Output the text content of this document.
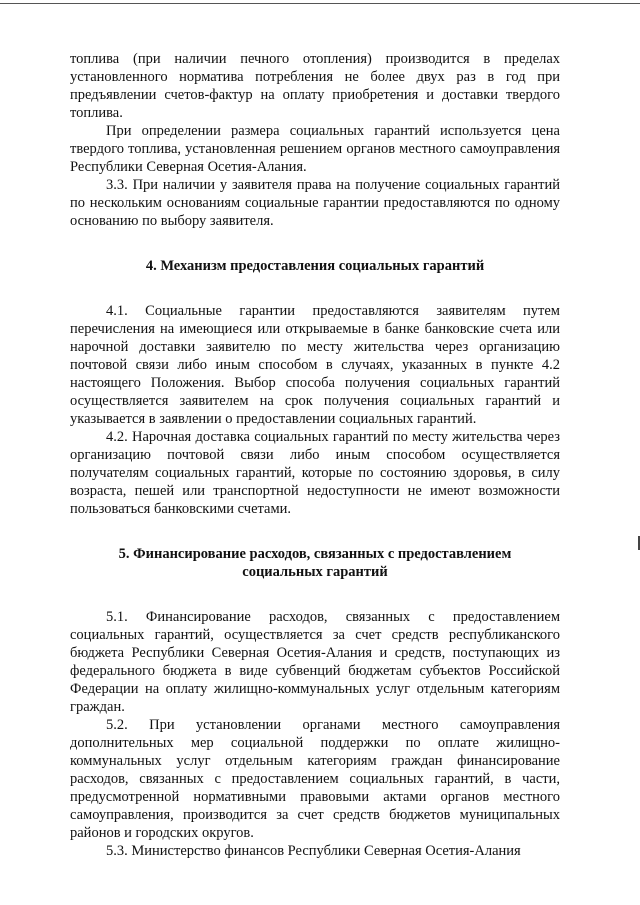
топлива (при наличии печного отопления) производится в пределах установленного норматива потребления не более двух раз в год при предъявлении счетов-фактур на оплату приобретения и доставки твердого топлива.

При определении размера социальных гарантий используется цена твердого топлива, установленная решением органов местного самоуправления Республики Северная Осетия-Алания.

3.3. При наличии у заявителя права на получение социальных гарантий по нескольким основаниям социальные гарантии предоставляются по одному основанию по выбору заявителя.

4. Механизм предоставления социальных гарантий

4.1. Социальные гарантии предоставляются заявителям путем перечисления на имеющиеся или открываемые в банке банковские счета или нарочной доставки заявителю по месту жительства через организацию почтовой связи либо иным способом в случаях, указанных в пункте 4.2 настоящего Положения. Выбор способа получения социальных гарантий осуществляется заявителем на срок получения социальных гарантий и указывается в заявлении о предоставлении социальных гарантий.

4.2. Нарочная доставка социальных гарантий по месту жительства через организацию почтовой связи либо иным способом осуществляется получателям социальных гарантий, которые по состоянию здоровья, в силу возраста, пешей или транспортной недоступности не имеют возможности пользоваться банковскими счетами.

5. Финансирование расходов, связанных с предоставлением

социальных гарантий

5.1. Финансирование расходов, связанных с предоставлением социальных гарантий, осуществляется за счет средств республиканского бюджета Республики Северная Осетия-Алания и средств, поступающих из федерального бюджета в виде субвенций бюджетам субъектов Российской Федерации на оплату жилищно-коммунальных услуг отдельным категориям граждан.

5.2. При установлении органами местного самоуправления дополнительных мер социальной поддержки по оплате жилищно-коммунальных услуг отдельным категориям граждан финансирование расходов, связанных с предоставлением социальных гарантий, в части, предусмотренной нормативными правовыми актами органов местного самоуправления, производится за счет средств бюджетов муниципальных районов и городских округов.

5.3. Министерство финансов Республики Северная Осетия-Алания
